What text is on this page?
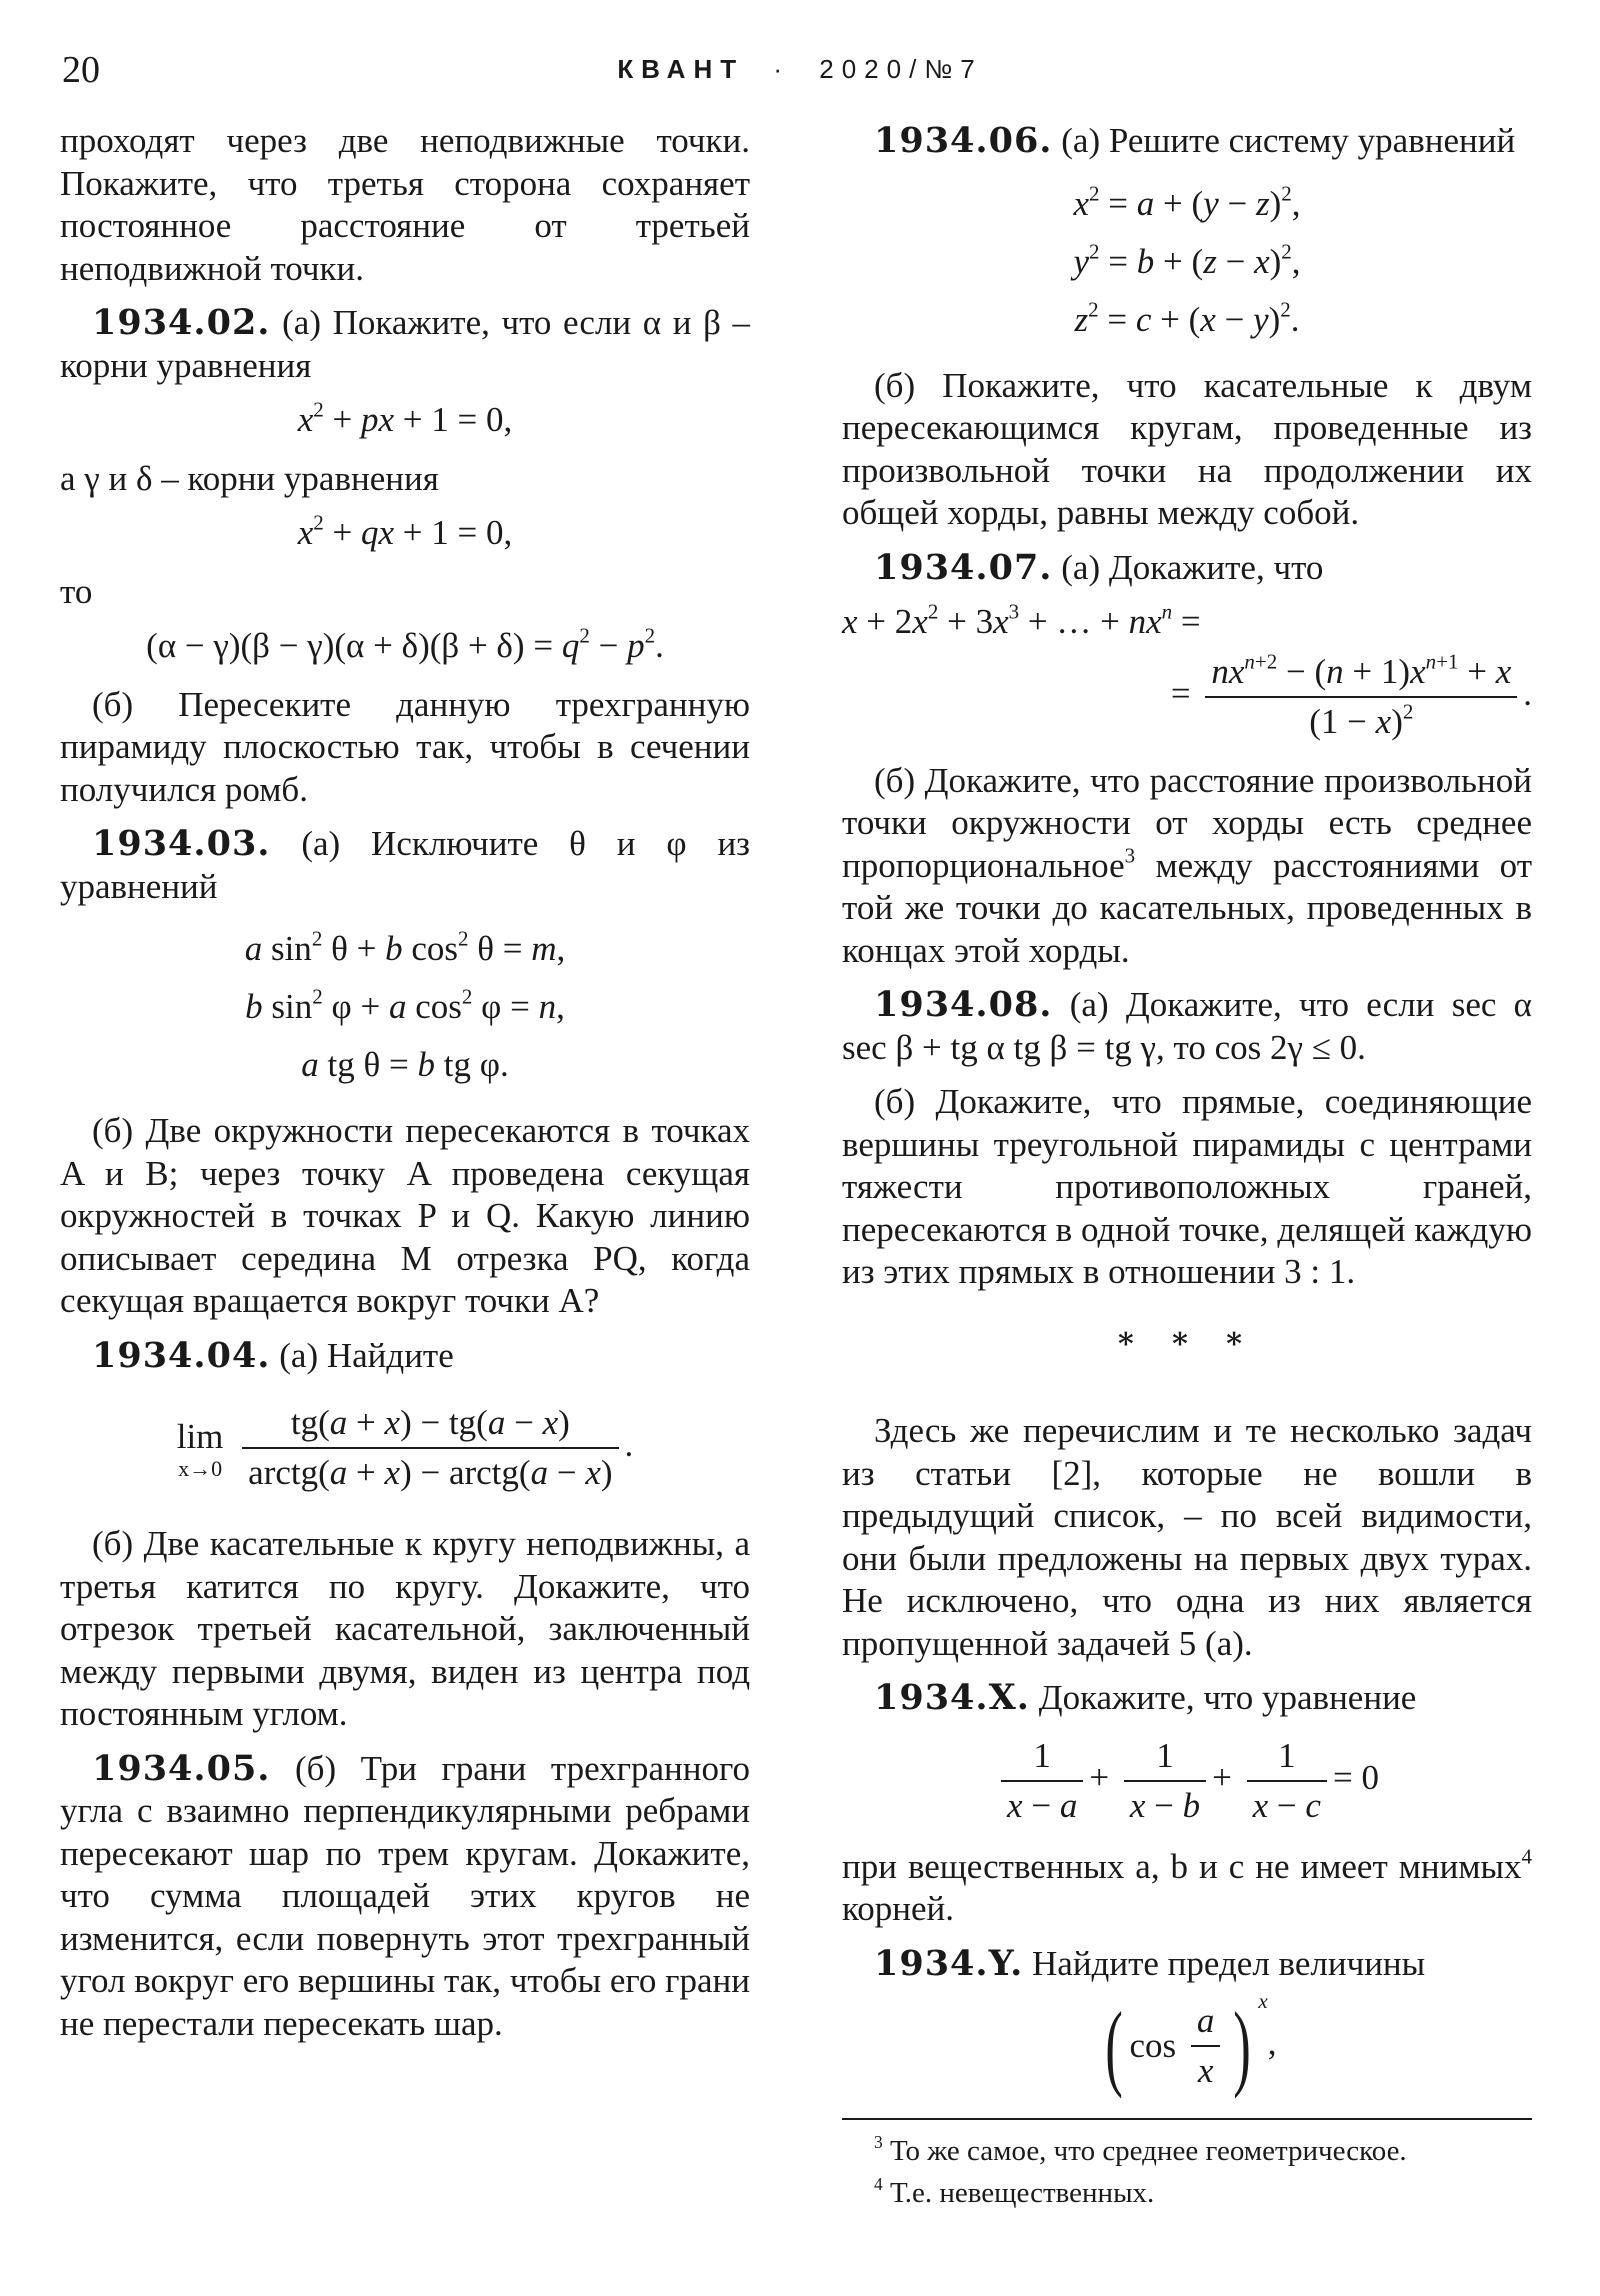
20	КВАНТ · 2020/№7

проходят через две неподвижные точки. Покажите, что третья сторона сохраняет постоянное расстояние от третьей неподвижной точки.

1934.02. (а) Покажите, что если α и β – корни уравнения

$x^2$ + px + 1 = 0,

а γ и δ – корни уравнения

$x^2$ + qx + 1 = 0,

то

$(\alpha - \gamma)(\beta - \gamma)(\alpha + \delta)(\beta + \delta) = q^2 - p^2$.

(б) Пересеките данную трехгранную пирамиду плоскостью так, чтобы в сечении получился ромб.

1934.03. (а) Исключите θ и φ из уравнений

a $\sin^2 \theta + b$ $\cos^2 \theta = m$,
b $\sin^2 \varphi + a$ $\cos^2 \varphi = n$,
a tg θ = b tg φ.

(б) Две окружности пересекаются в точках A и B; через точку A проведена секущая окружностей в точках P и Q. Какую линию описывает середина M отрезка PQ, когда секущая вращается вокруг точки A?

1934.04. (а) Найдите

lim
x→0
$\frac{tg(a + x) - tg(a - x)}{\text{arctg(a + x) − arctg(a − x)}}$ .

(б) Две касательные к кругу неподвижны, а третья катится по кругу. Докажите, что отрезок третьей касательной, заключенный между первыми двумя, виден из центра под постоянным углом.

1934.05. (б) Три грани трехгранного угла с взаимно перпендикулярными ребрами пересекают шар по трем кругам. Докажите, что сумма площадей этих кругов не изменится, если повернуть этот трехгранный угол вокруг его вершины так, чтобы его грани не перестали пересекать шар.

1934.06. (а) Решите систему уравнений

$x^2 = a + (y - z)^2$,
$y^2 = b + (z - x)^2$,
$z^2 = c + (x - y)^2$.

(б) Покажите, что касательные к двум пересекающимся кругам, проведенные из произвольной точки на продолжении их общей хорды, равны между собой.

1934.07. (а) Докажите, что

$x + 2x^2 + 3x^3$ + … + $nx^n$ =
= $\frac{nx^{n+2} - (n + 1)x^{n+1} + x}{(1 - x)^2}$ .

(б) Докажите, что расстояние произвольной точки окружности от хорды есть среднее пропорциональное$^3$ между расстояниями от той же точки до касательных, проведенных в концах этой хорды.

1934.08. (а) Докажите, что если sec α sec β + tg α tg β = tg γ, то cos 2γ ≤ 0.

(б) Докажите, что прямые, соединяющие вершины треугольной пирамиды с центрами тяжести противоположных граней, пересекаются в одной точке, делящей каждую из этих прямых в отношении 3 : 1.

* * *

Здесь же перечислим и те несколько задач из статьи [2], которые не вошли в предыдущий список, – по всей видимости, они были предложены на первых двух турах. Не исключено, что одна из них является пропущенной задачей 5 (а).

1934.X. Докажите, что уравнение

$\frac{1}{x - a} + \frac{1}{x - b} + \frac{1}{x - c} = 0$

при вещественных a, b и c не имеет мнимых$^4$ корней.

1934.Y. Найдите предел величины

( $\cos \frac{a}{x}$ ) $^x$,

$^3$ То же самое, что среднее геометрическое.

$^4$ Т.е. невещественных.
